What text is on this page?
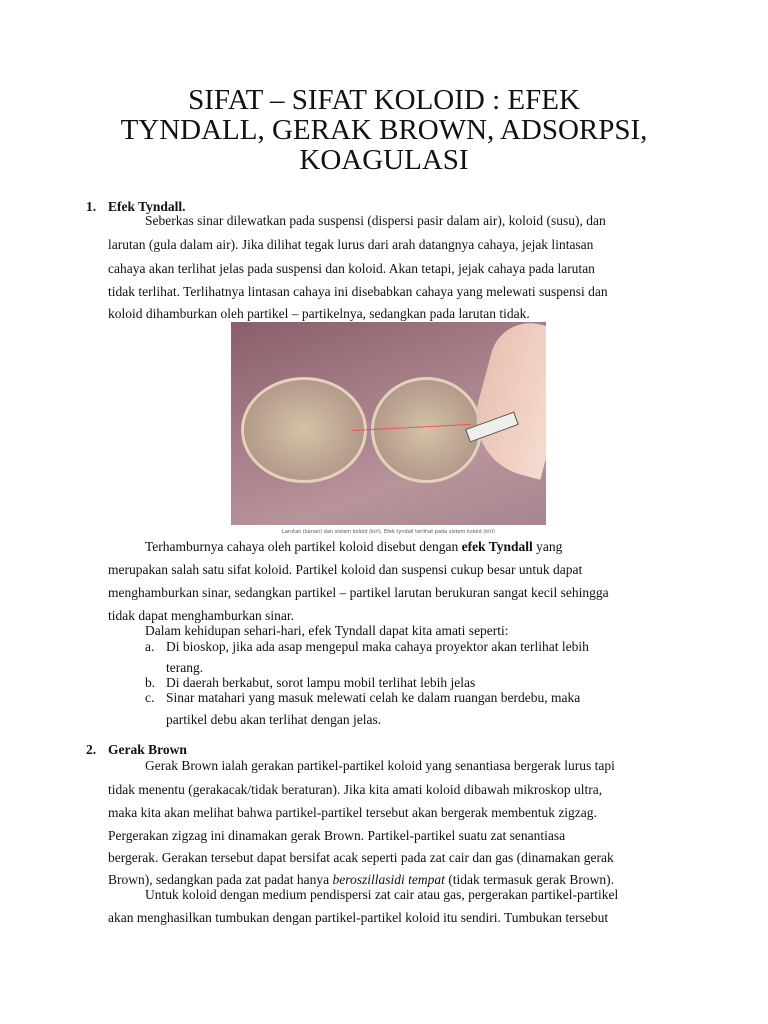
SIFAT – SIFAT KOLOID : EFEK
TYNDALL, GERAK BROWN, ADSORPSI,
KOAGULASI
1. Efek Tyndall.
Seberkas sinar dilewatkan pada suspensi (dispersi pasir dalam air), koloid (susu), dan
larutan (gula dalam air). Jika dilihat tegak lurus dari arah datangnya cahaya, jejak lintasan
cahaya akan terlihat jelas pada suspensi dan koloid. Akan tetapi, jejak cahaya pada larutan
tidak terlihat. Terlihatnya lintasan cahaya ini disebabkan cahaya yang melewati suspensi dan
koloid dihamburkan oleh partikel – partikelnya, sedangkan pada larutan tidak.
Larutan (kanan) dan sistem koloid (kiri). Efek tyndall terlihat pada sistem koloid (kiri)
Terhamburnya cahaya oleh partikel koloid disebut dengan efek Tyndall yang
merupakan salah satu sifat koloid. Partikel koloid dan suspensi cukup besar untuk dapat
menghamburkan sinar, sedangkan partikel – partikel larutan berukuran sangat kecil sehingga
tidak dapat menghamburkan sinar.
Dalam kehidupan sehari-hari, efek Tyndall dapat kita amati seperti:
a. Di bioskop, jika ada asap mengepul maka cahaya proyektor akan terlihat lebih
terang.
b. Di daerah berkabut, sorot lampu mobil terlihat lebih jelas
c. Sinar matahari yang masuk melewati celah ke dalam ruangan berdebu, maka
partikel debu akan terlihat dengan jelas.
2. Gerak Brown
Gerak Brown ialah gerakan partikel-partikel koloid yang senantiasa bergerak lurus tapi
tidak menentu (gerakacak/tidak beraturan). Jika kita amati koloid dibawah mikroskop ultra,
maka kita akan melihat bahwa partikel-partikel tersebut akan bergerak membentuk zigzag.
Pergerakan zigzag ini dinamakan gerak Brown. Partikel-partikel suatu zat senantiasa
bergerak. Gerakan tersebut dapat bersifat acak seperti pada zat cair dan gas (dinamakan gerak
Brown), sedangkan pada zat padat hanya beroszillasidi tempat (tidak termasuk gerak Brown).
Untuk koloid dengan medium pendispersi zat cair atau gas, pergerakan partikel-partikel
akan menghasilkan tumbukan dengan partikel-partikel koloid itu sendiri. Tumbukan tersebut
